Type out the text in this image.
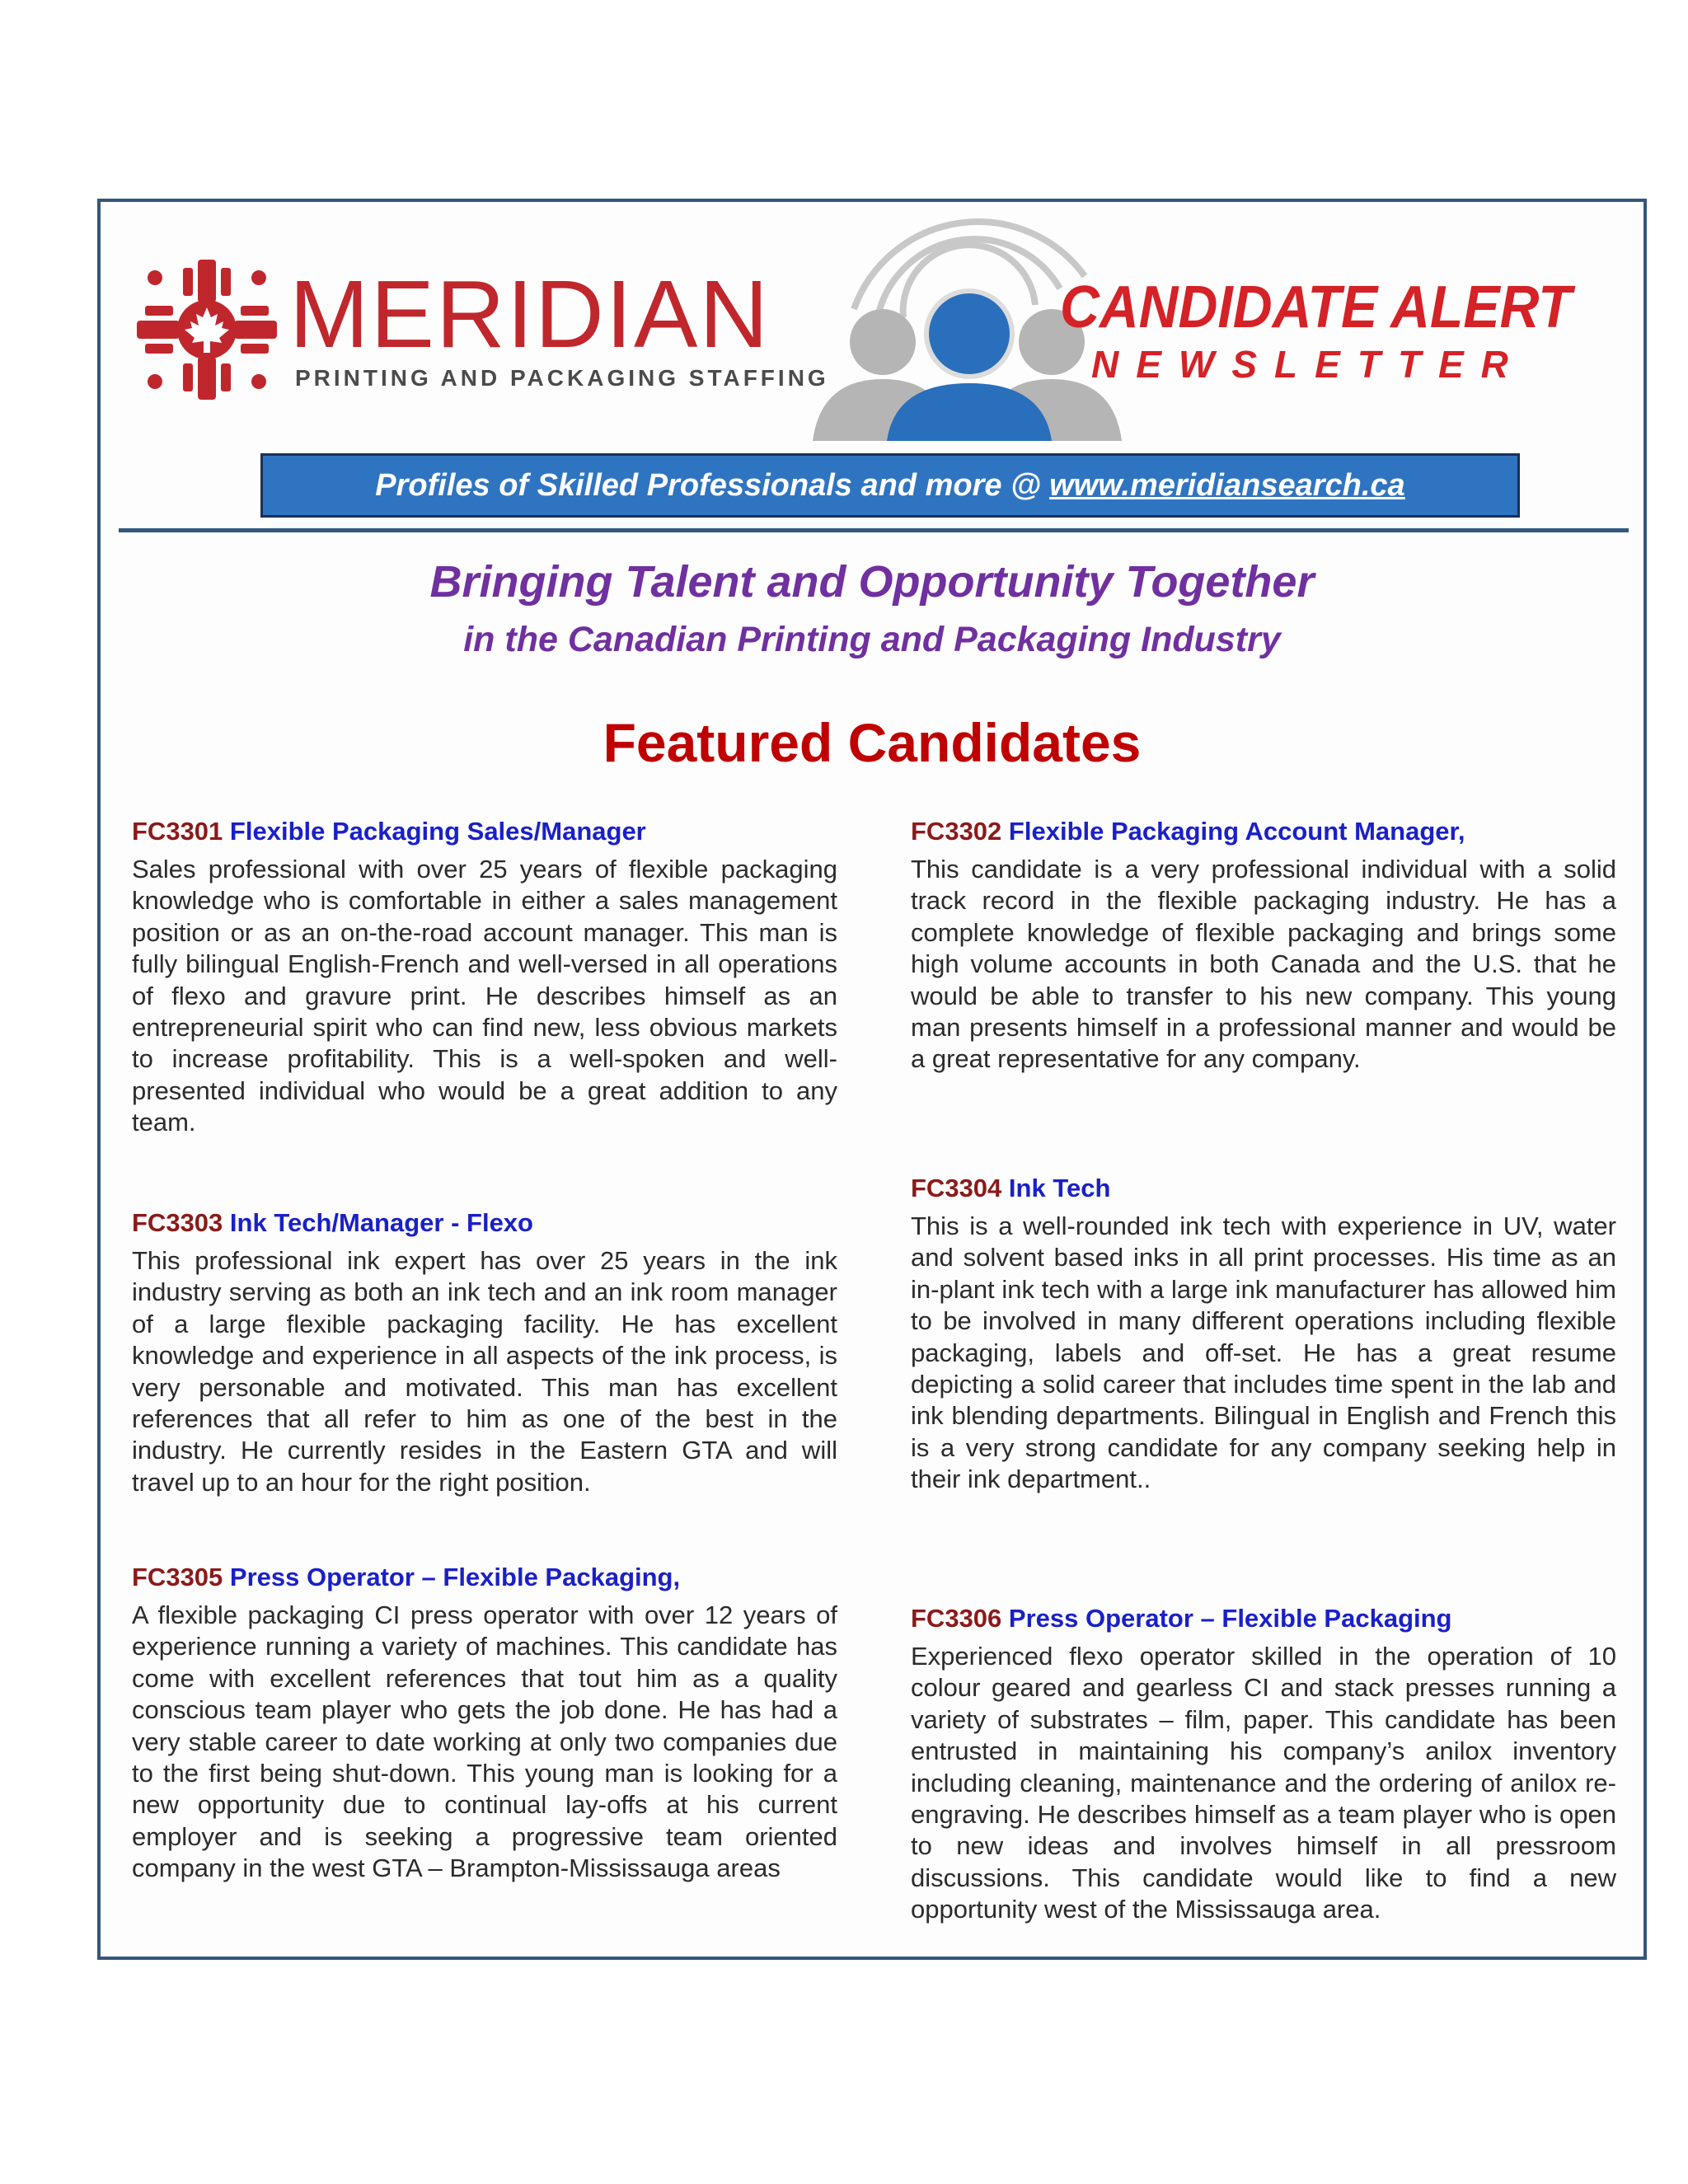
MERIDIAN
PRINTING AND PACKAGING STAFFING
CANDIDATE ALERT
NEWSLETTER
Profiles of Skilled Professionals and more @ www.meridiansearch.ca
Bringing Talent and Opportunity Together
in the Canadian Printing and Packaging Industry
Featured Candidates
FC3301 Flexible Packaging Sales/Manager
Sales professional with over 25 years of flexible packaging knowledge who is comfortable in either a sales management position or as an on-the-road account manager. This man is fully bilingual English-French and well-versed in all operations of flexo and gravure print. He describes himself as an entrepreneurial spirit who can find new, less obvious markets to increase profitability. This is a well-spoken and well-presented individual who would be a great addition to any team.
FC3302 Flexible Packaging Account Manager,
This candidate is a very professional individual with a solid track record in the flexible packaging industry. He has a complete knowledge of flexible packaging and brings some high volume accounts in both Canada and the U.S. that he would be able to transfer to his new company. This young man presents himself in a professional manner and would be a great representative for any company.
FC3303 Ink Tech/Manager - Flexo
This professional ink expert has over 25 years in the ink industry serving as both an ink tech and an ink room manager of a large flexible packaging facility. He has excellent knowledge and experience in all aspects of the ink process, is very personable and motivated. This man has excellent references that all refer to him as one of the best in the industry. He currently resides in the Eastern GTA and will travel up to an hour for the right position.
FC3304 Ink Tech
This is a well-rounded ink tech with experience in UV, water and solvent based inks in all print processes. His time as an in-plant ink tech with a large ink manufacturer has allowed him to be involved in many different operations including flexible packaging, labels and off-set. He has a great resume depicting a solid career that includes time spent in the lab and ink blending departments. Bilingual in English and French this is a very strong candidate for any company seeking help in their ink department..
FC3305 Press Operator – Flexible Packaging,
A flexible packaging CI press operator with over 12 years of experience running a variety of machines. This candidate has come with excellent references that tout him as a quality conscious team player who gets the job done. He has had a very stable career to date working at only two companies due to the first being shut-down. This young man is looking for a new opportunity due to continual lay-offs at his current employer and is seeking a progressive team oriented company in the west GTA – Brampton-Mississauga areas
FC3306 Press Operator – Flexible Packaging
Experienced flexo operator skilled in the operation of 10 colour geared and gearless CI and stack presses running a variety of substrates – film, paper. This candidate has been entrusted in maintaining his company’s anilox inventory including cleaning, maintenance and the ordering of anilox re-engraving. He describes himself as a team player who is open to new ideas and involves himself in all pressroom discussions. This candidate would like to find a new opportunity west of the Mississauga area.
